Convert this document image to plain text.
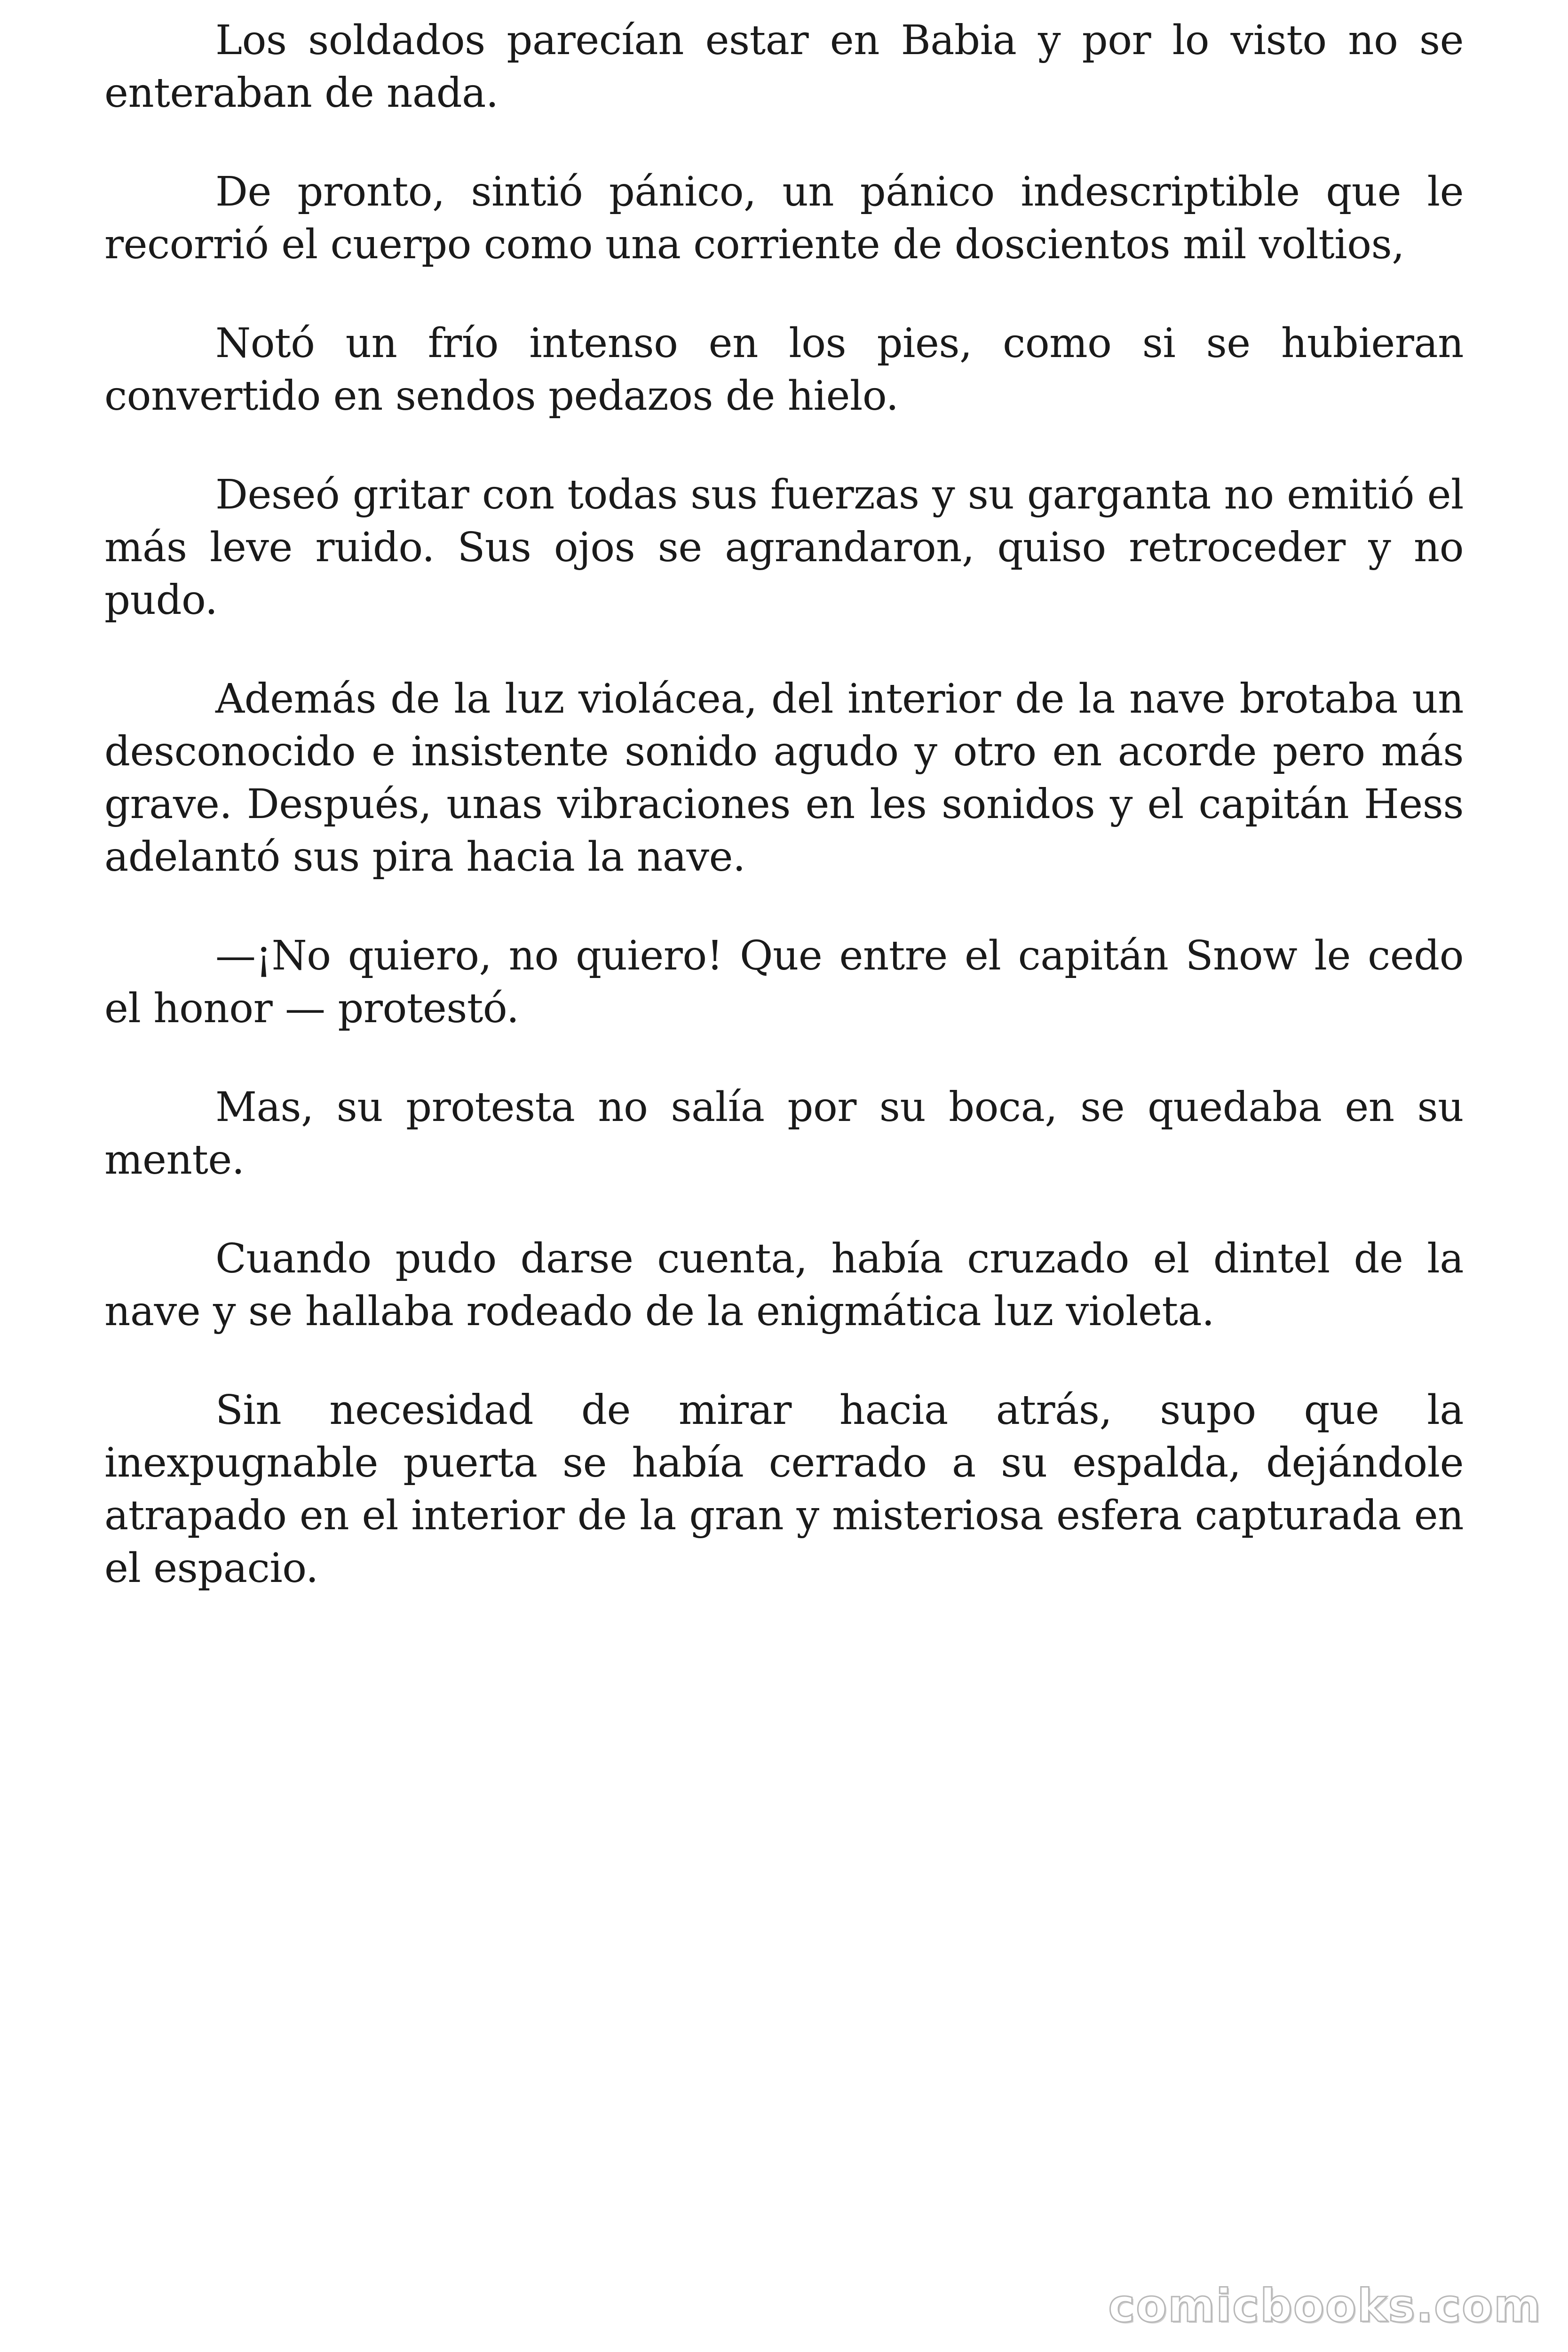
Los soldados parecían estar en Babia y por lo visto no se enteraban de nada.

De pronto, sintió pánico, un pánico indescriptible que le recorrió el cuerpo como una corriente de doscientos mil voltios,

Notó un frío intenso en los pies, como si se hubieran convertido en sendos pedazos de hielo.

Deseó gritar con todas sus fuerzas y su garganta no emitió el más leve ruido. Sus ojos se agrandaron, quiso retroceder y no pudo.

Además de la luz violácea, del interior de la nave brotaba un desconocido e insistente sonido agudo y otro en acorde pero más grave. Después, unas vibraciones en les sonidos y el capitán Hess adelantó sus pira hacia la nave.

—¡No quiero, no quiero! Que entre el capitán Snow le cedo el honor — protestó.

Mas, su protesta no salía por su boca, se quedaba en su mente.

Cuando pudo darse cuenta, había cruzado el dintel de la nave y se hallaba rodeado de la enigmática luz violeta.

Sin necesidad de mirar hacia atrás, supo que la inexpugnable puerta se había cerrado a su espalda, dejándole atrapado en el interior de la gran y misteriosa esfera capturada en el espacio.

comicbooks.com
